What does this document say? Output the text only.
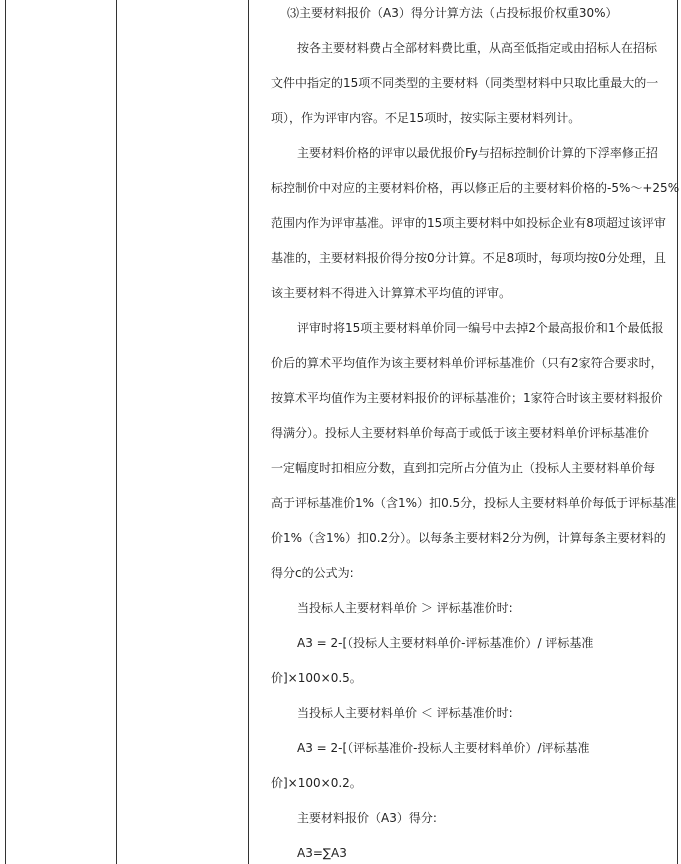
⑶主要材料报价（A3）得分计算方法（占投标报价权重30%）
按各主要材料费占全部材料费比重，从高至低指定或由招标人在招标
文件中指定的15项不同类型的主要材料（同类型材料中只取比重最大的一
项），作为评审内容。不足15项时，按实际主要材料列计。
主要材料价格的评审以最优报价Fy与招标控制价计算的下浮率修正招
标控制价中对应的主要材料价格，再以修正后的主要材料价格的-5%～+25%
范围内作为评审基准。评审的15项主要材料中如投标企业有8项超过该评审
基准的，主要材料报价得分按0分计算。不足8项时，每项均按0分处理，且
该主要材料不得进入计算算术平均值的评审。
评审时将15项主要材料单价同一编号中去掉2个最高报价和1个最低报
价后的算术平均值作为该主要材料单价评标基准价（只有2家符合要求时，
按算术平均值作为主要材料报价的评标基准价；1家符合时该主要材料报价
得满分）。投标人主要材料单价每高于或低于该主要材料单价评标基准价
一定幅度时扣相应分数，直到扣完所占分值为止（投标人主要材料单价每
高于评标基准价1%（含1%）扣0.5分，投标人主要材料单价每低于评标基准
价1%（含1%）扣0.2分）。以每条主要材料2分为例，计算每条主要材料的
得分c的公式为:
当投标人主要材料单价 ＞ 评标基准价时:
A3 = 2-[（投标人主要材料单价-评标基准价）/ 评标基准
价]×100×0.5。
当投标人主要材料单价 ＜ 评标基准价时:
A3 = 2-[（评标基准价-投标人主要材料单价）/评标基准
价]×100×0.2。
主要材料报价（A3）得分:
A3=∑A3
